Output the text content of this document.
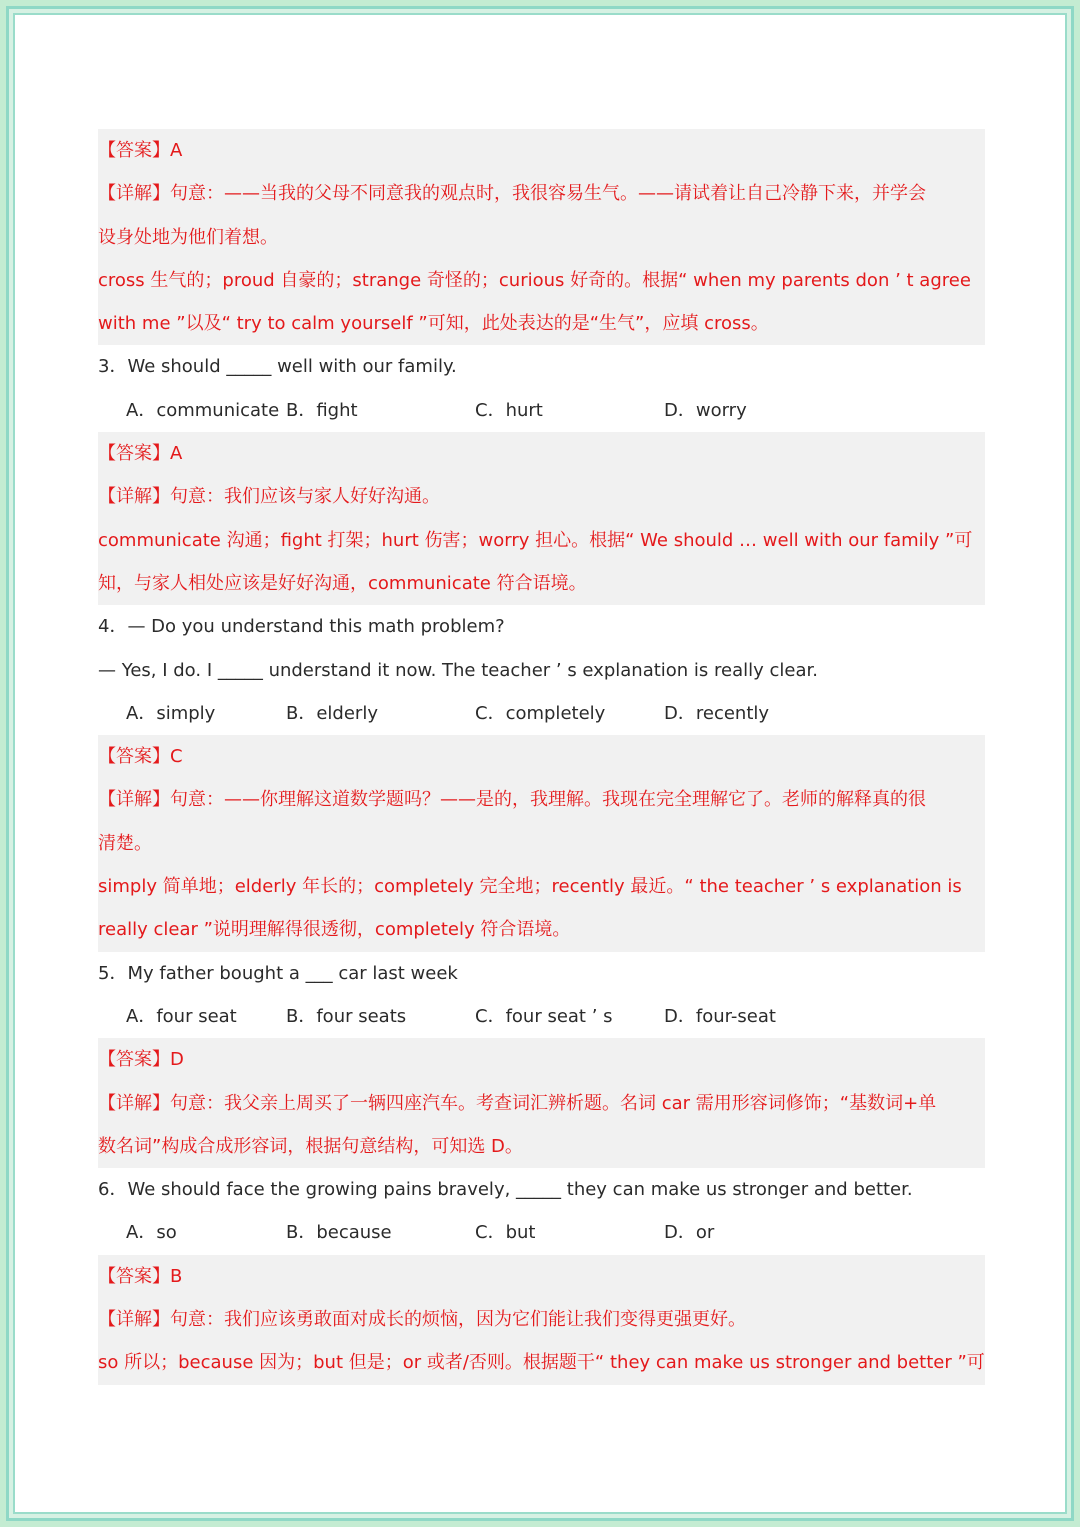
【答案】A
【详解】句意：——当我的父母不同意我的观点时，我很容易生气。——请试着让自己冷静下来，并学会
设身处地为他们着想。
cross 生气的；proud 自豪的；strange 奇怪的；curious 好奇的。根据“ when my parents don ’ t agree
with me ”以及“ try to calm yourself ”可知，此处表达的是“生气”，应填 cross。
3．We should _____ well with our family.
A．communicate B．fight	C．hurt	D．worry
【答案】A
【详解】句意：我们应该与家人好好沟通。
communicate 沟通；fight 打架；hurt 伤害；worry 担心。根据“ We should … well with our family ”可
知，与家人相处应该是好好沟通，communicate 符合语境。
4．— Do you understand this math problem?
— Yes, I do. I _____ understand it now. The teacher ’ s explanation is really clear.
A．simply	B．elderly	C．completely	D．recently
【答案】C
【详解】句意：——你理解这道数学题吗？——是的，我理解。我现在完全理解它了。老师的解释真的很
清楚。
simply 简单地；elderly 年长的；completely 完全地；recently 最近。“ the teacher ’ s explanation is
really clear ”说明理解得很透彻，completely 符合语境。
5．My father bought a ___ car last week
A．four seat	B．four seats	C．four seat ’ s	D．four-seat
【答案】D
【详解】句意：我父亲上周买了一辆四座汽车。考查词汇辨析题。名词 car 需用形容词修饰；“基数词+单
数名词”构成合成形容词，根据句意结构，可知选 D。
6．We should face the growing pains bravely, _____ they can make us stronger and better.
A．so	B．because	C．but	D．or
【答案】B
【详解】句意：我们应该勇敢面对成长的烦恼，因为它们能让我们变得更强更好。
so 所以；because 因为；but 但是；or 或者/否则。根据题干“ they can make us stronger and better ”可
